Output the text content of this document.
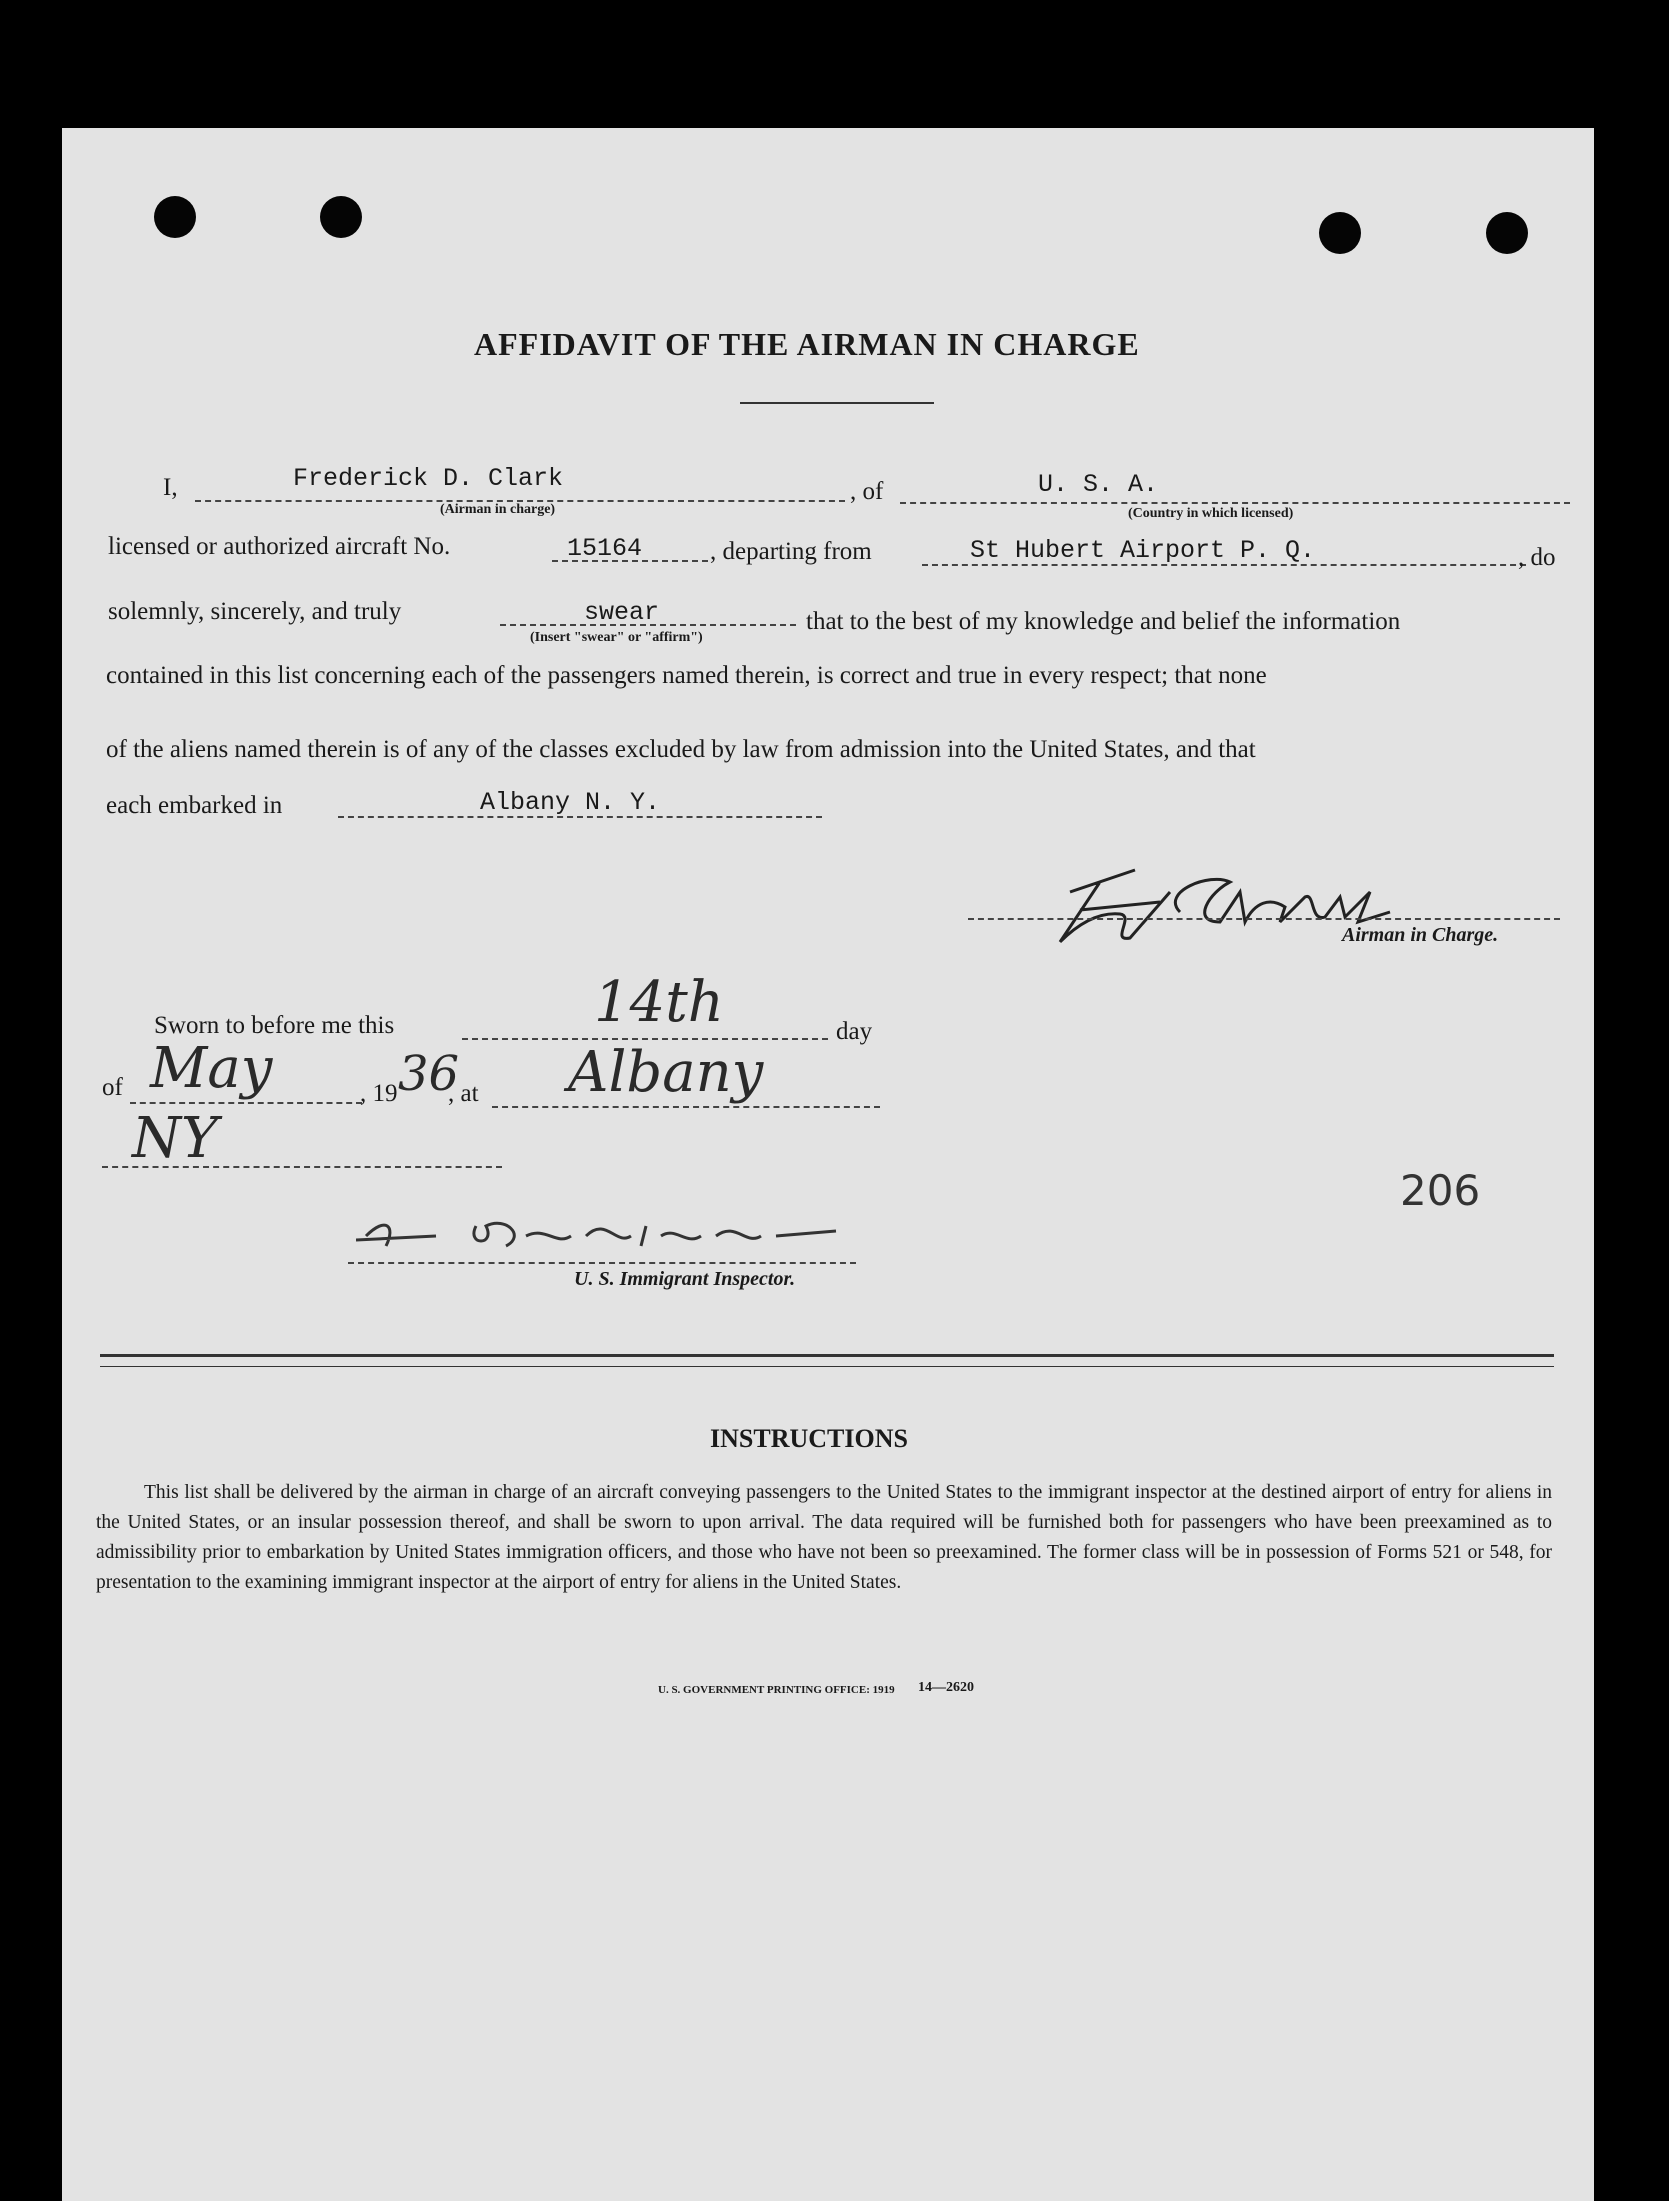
AFFIDAVIT OF THE AIRMAN IN CHARGE
I,	Frederick D. Clark
(Airman in charge)
, of	U. S. A.
(Country in which licensed)
licensed or authorized aircraft No.	15164	, departing from	St Hubert Airport P. Q.	, do
solemnly, sincerely, and truly	swear
(Insert "swear" or "affirm")
that to the best of my knowledge and belief the information
contained in this list concerning each of the passengers named therein, is correct and true in every respect; that none
of the aliens named therein is of any of the classes excluded by law from admission into the United States, and that
each embarked in	Albany N. Y.
Airman in Charge.
Sworn to before me this	14th	day
of May	, 19 36
, at Albany
NY
U. S. Immigrant Inspector.
206
INSTRUCTIONS
This list shall be delivered by the airman in charge of an aircraft conveying passengers to the United States to the immigrant inspector at the destined airport of entry for aliens in the United States, or an insular possession thereof, and shall be sworn to upon arrival. The data required will be furnished both for passengers who have been preexamined as to admissibility prior to embarkation by United States immigration officers, and those who have not been so preexamined. The former class will be in possession of Forms 521 or 548, for presentation to the examining immigrant inspector at the airport of entry for aliens in the United States.
U. S. GOVERNMENT PRINTING OFFICE: 1919 14—2620
